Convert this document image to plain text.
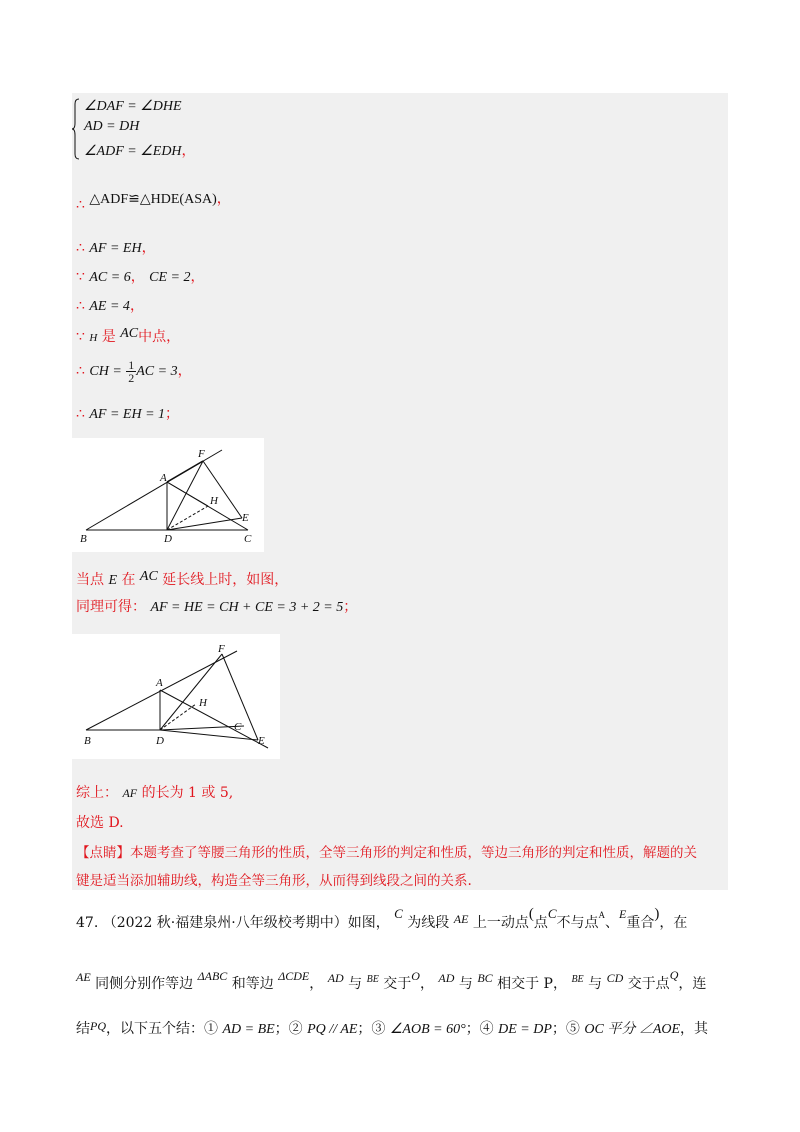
∠DAF = ∠DHE
AD = DH
∠ADF = ∠EDH，
∴ △ADF≌△HDE(ASA)，
∴ AF = EH，
∵ AC = 6， CE = 2，
∴ AE = 4，
∵ H 是 AC中点，
∴ CH = $\frac{1}{2}$ AC = 3，
∴ AF = EH = 1；
A
B	C
D
E
F
H
当点 E 在 AC 延长线上时，如图，
同理可得： AF = HE = CH + CE = 3 + 2 = 5；
A
B
C
D	E
F
H
综上： AF 的长为 1 或 5,
故选 D.
【点睛】本题考查了等腰三角形的性质，全等三角形的判定和性质，等边三角形的判定和性质，解题的关
键是适当添加辅助线，构造全等三角形，从而得到线段之间的关系.
47. （2022 秋·福建泉州·八年级校考期中）如图， C 为线段 AE 上一动点(点C不与点$^A$、E重合)，在
AE 同侧分别作等边 ΔABC 和等边 ΔCDE， AD 与 $^{BE}$ 交于O， AD 与 BC 相交于 P， $^{BE}$ 与 CD 交于点Q，连
结PQ，以下五个结：① AD = BE；② PQ // AE；③ ∠AOB = 60°；④ DE = DP；⑤ OC 平分 ∠AOE，其
